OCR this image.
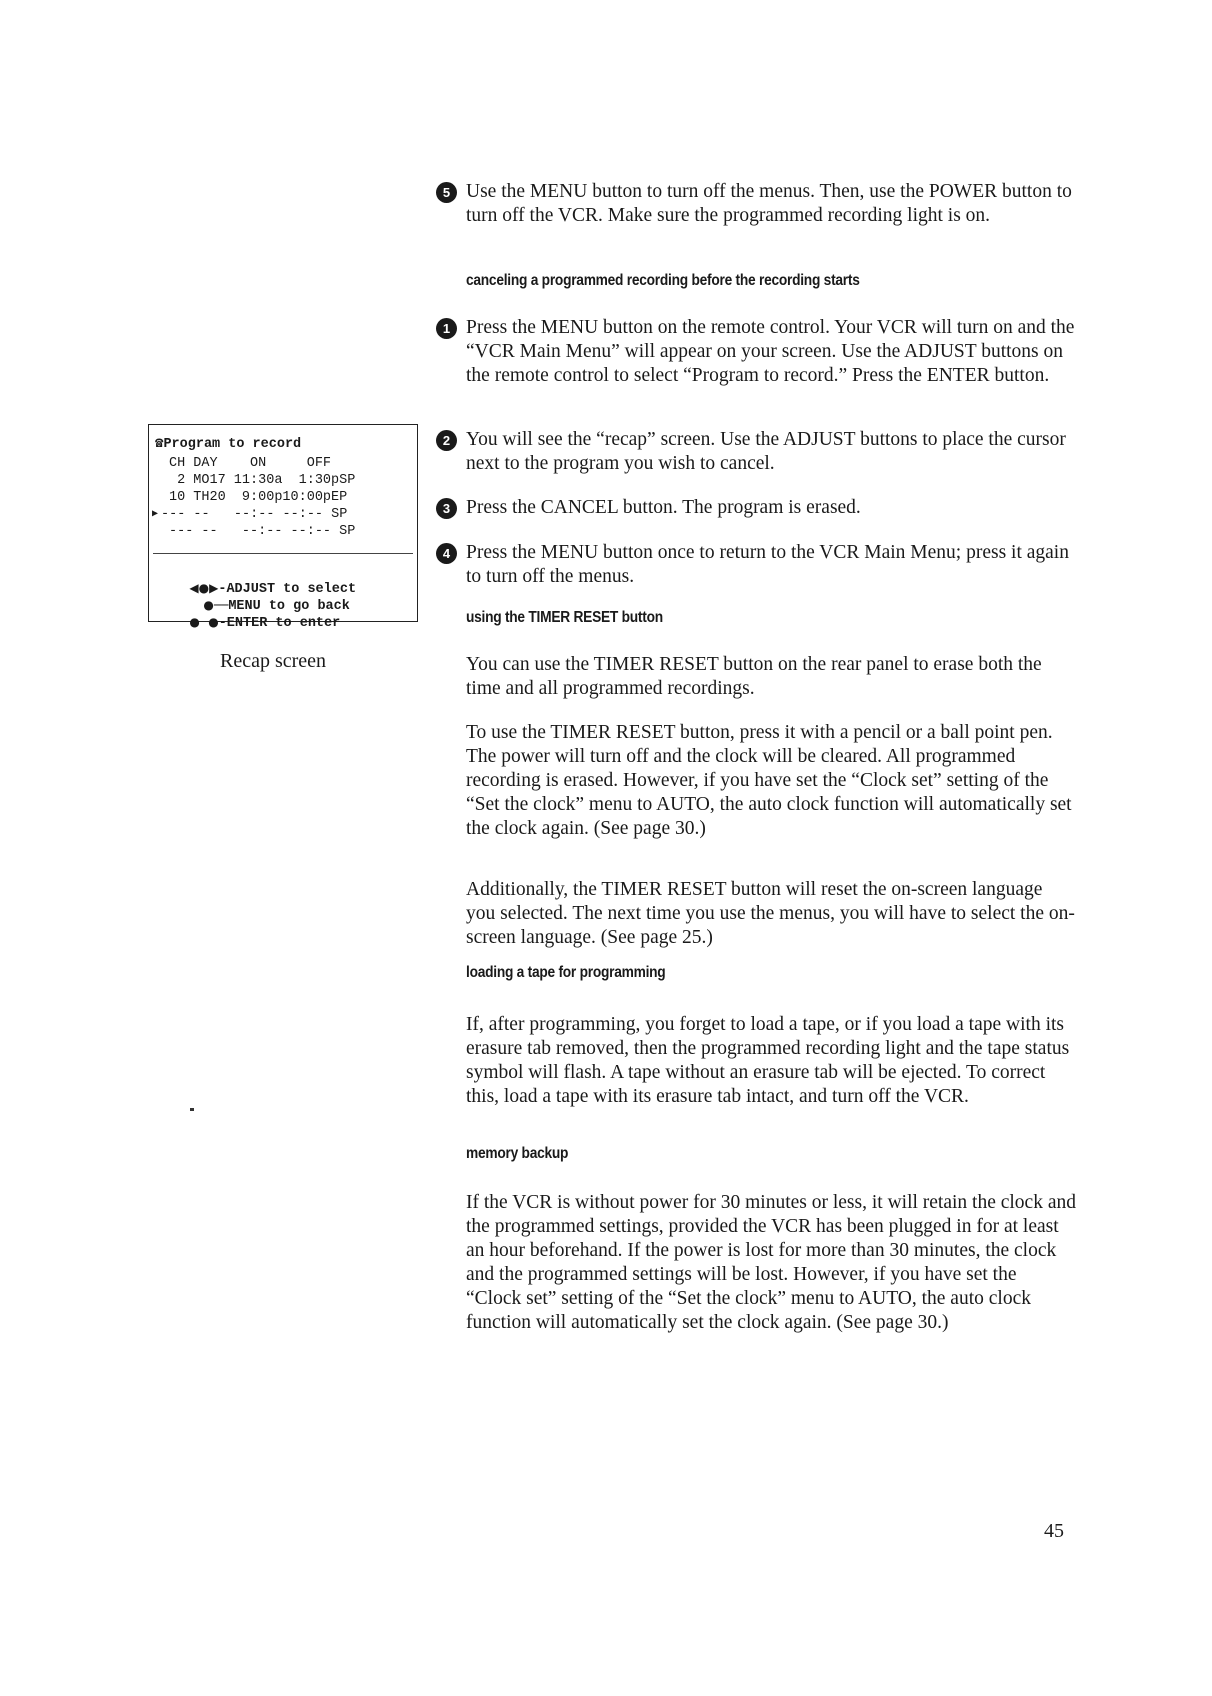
5 Use the MENU button to turn off the menus. Then, use the POWER button to turn off the VCR. Make sure the programmed recording light is on.
canceling a programmed recording before the recording starts
1 Press the MENU button on the remote control. Your VCR will turn on and the “VCR Main Menu” will appear on your screen. Use the ADJUST buttons on the remote control to select “Program to record.” Press the ENTER button.
2 You will see the “recap” screen. Use the ADJUST buttons to place the cursor next to the program you wish to cancel.
3 Press the CANCEL button. The program is erased.
4 Press the MENU button once to return to the VCR Main Menu; press it again to turn off the menus.
using the TIMER RESET button
You can use the TIMER RESET button on the rear panel to erase both the time and all programmed recordings.
To use the TIMER RESET button, press it with a pencil or a ball point pen. The power will turn off and the clock will be cleared. All programmed recording is erased. However, if you have set the “Clock set” setting of the “Set the clock” menu to AUTO, the auto clock function will automatically set the clock again. (See page 30.)
Additionally, the TIMER RESET button will reset the on-screen language you selected. The next time you use the menus, you will have to select the on-screen language. (See page 25.)
loading a tape for programming
If, after programming, you forget to load a tape, or if you load a tape with its erasure tab removed, then the programmed recording light and the tape status symbol will flash. A tape without an erasure tab will be ejected. To correct this, load a tape with its erasure tab intact, and turn off the VCR.
memory backup
If the VCR is without power for 30 minutes or less, it will retain the clock and the programmed settings, provided the VCR has been plugged in for at least an hour beforehand. If the power is lost for more than 30 minutes, the clock and the programmed settings will be lost. However, if you have set the “Clock set” setting of the “Set the clock” menu to AUTO, the auto clock function will automatically set the clock again. (See page 30.)
☎Program to record
CH DAY    ON     OFF
2 MO17 11:30a  1:30pSP
10 TH20  9:00p10:00pEP
▶ --- --   --:-- --:-- SP
--- --   --:-- --:-- SP

◀●▶-ADJUST to select

●──MENU to go back

●  ●-ENTER to enter

Recap screen
45
